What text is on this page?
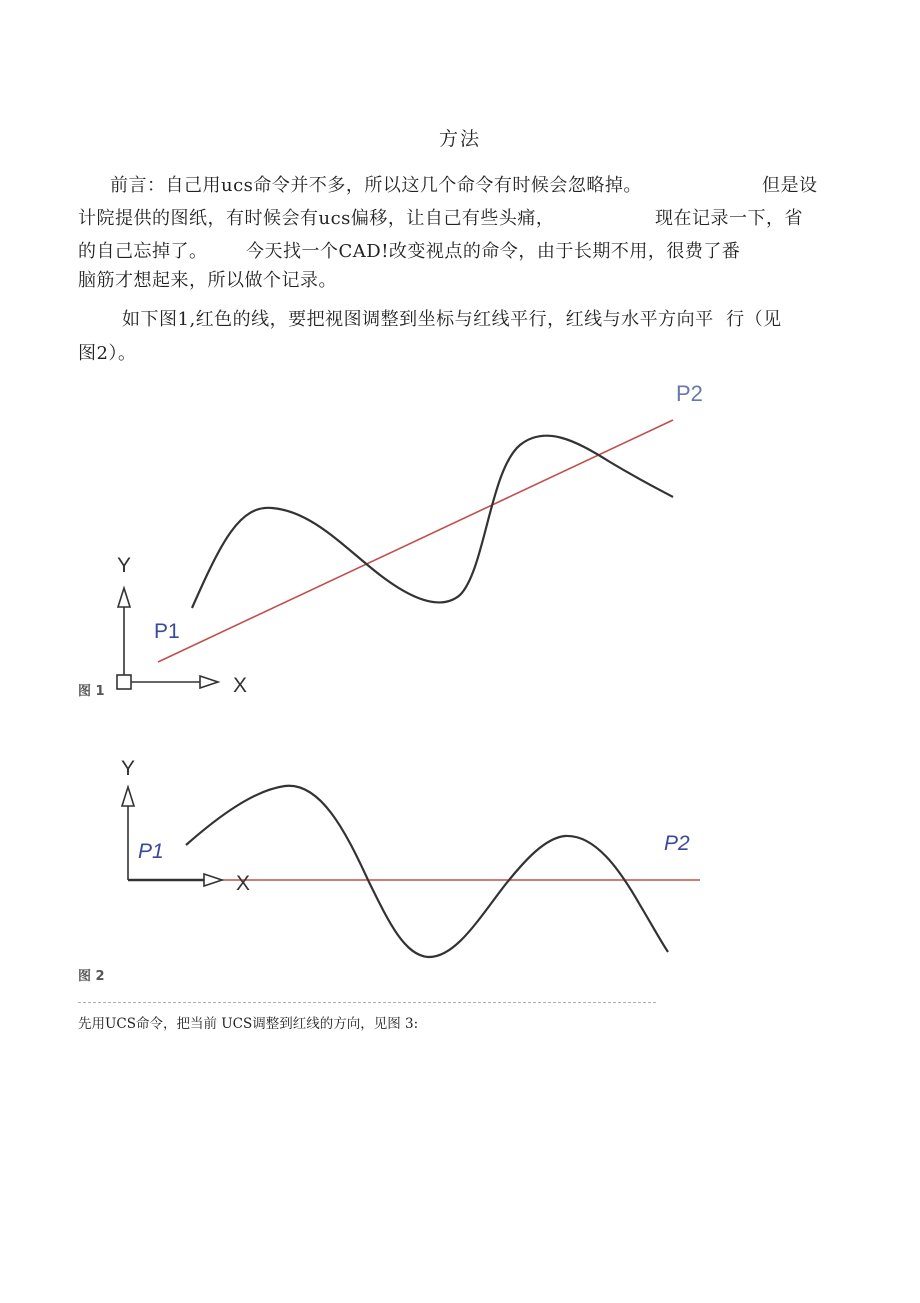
方法
前言：自己用ucs命令并不多，所以这几个命令有时候会忽略掉。	但是设
计院提供的图纸，有时候会有ucs偏移，让自己有些头痛，	现在记录一下，省
的自己忘掉了。 今天找一个CAD!改变视点的命令，由于长期不用，很费了番
脑筋才想起来，所以做个记录。
如下图1,红色的线，要把视图调整到坐标与红线平行，红线与水平方向平  行（见
图2）。
Y
X
P1
P2
图 1
Y
X
P1	P2
图 2
先用UCS命令，把当前 UCS调整到红线的方向，见图 3:
